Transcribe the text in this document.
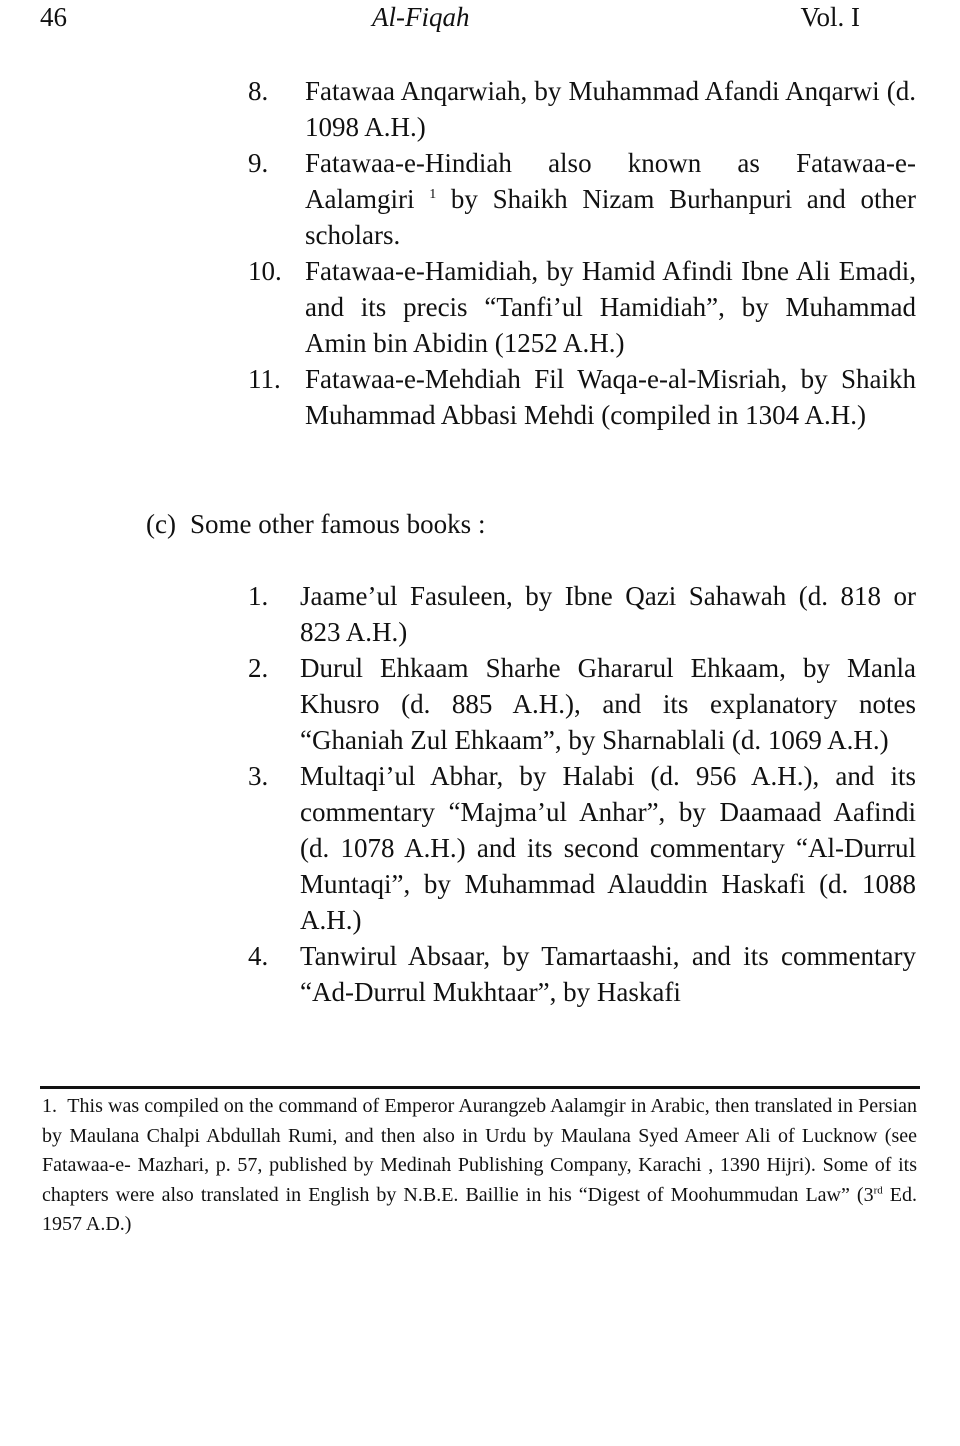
46	Al-Fiqah	Vol. I
8. Fatawaa Anqarwiah, by Muhammad Afandi Anqarwi (d. 1098 A.H.)
9. Fatawaa-e-Hindiah also known as Fatawaa-e-Aalamgiri $^1$ by Shaikh Nizam Burhanpuri and other scholars.
10. Fatawaa-e-Hamidiah, by Hamid Afindi Ibne Ali Emadi, and its precis “Tanfi’ul Hamidiah”, by Muhammad Amin bin Abidin (1252 A.H.)
11. Fatawaa-e-Mehdiah Fil Waqa-e-al-Misriah, by Shaikh Muhammad Abbasi Mehdi (compiled in 1304 A.H.)
(c) Some other famous books :
1. Jaame’ul Fasuleen, by Ibne Qazi Sahawah (d. 818 or 823 A.H.)
2. Durul Ehkaam Sharhe Ghararul Ehkaam, by Manla Khusro (d. 885 A.H.), and its explanatory notes “Ghaniah Zul Ehkaam”, by Sharnablali (d. 1069 A.H.)
3. Multaqi’ul Abhar, by Halabi (d. 956 A.H.), and its commentary “Majma’ul Anhar”, by Daamaad Aafindi (d. 1078 A.H.) and its second commentary “Al-Durrul Muntaqi”, by Muhammad Alauddin Haskafi (d. 1088 A.H.)
4. Tanwirul Absaar, by Tamartaashi, and its commentary “Ad-Durrul Mukhtaar”, by Haskafi

1. This was compiled on the command of Emperor Aurangzeb Aalamgir in Arabic, then translated in Persian by Maulana Chalpi Abdullah Rumi, and then also in Urdu by Maulana Syed Ameer Ali of Lucknow (see Fatawaa-e- Mazhari, p. 57, published by Medinah Publishing Company, Karachi , 1390 Hijri). Some of its chapters were also translated in English by N.B.E. Baillie in his “Digest of Moohummudan Law” (3rd Ed. 1957 A.D.)
